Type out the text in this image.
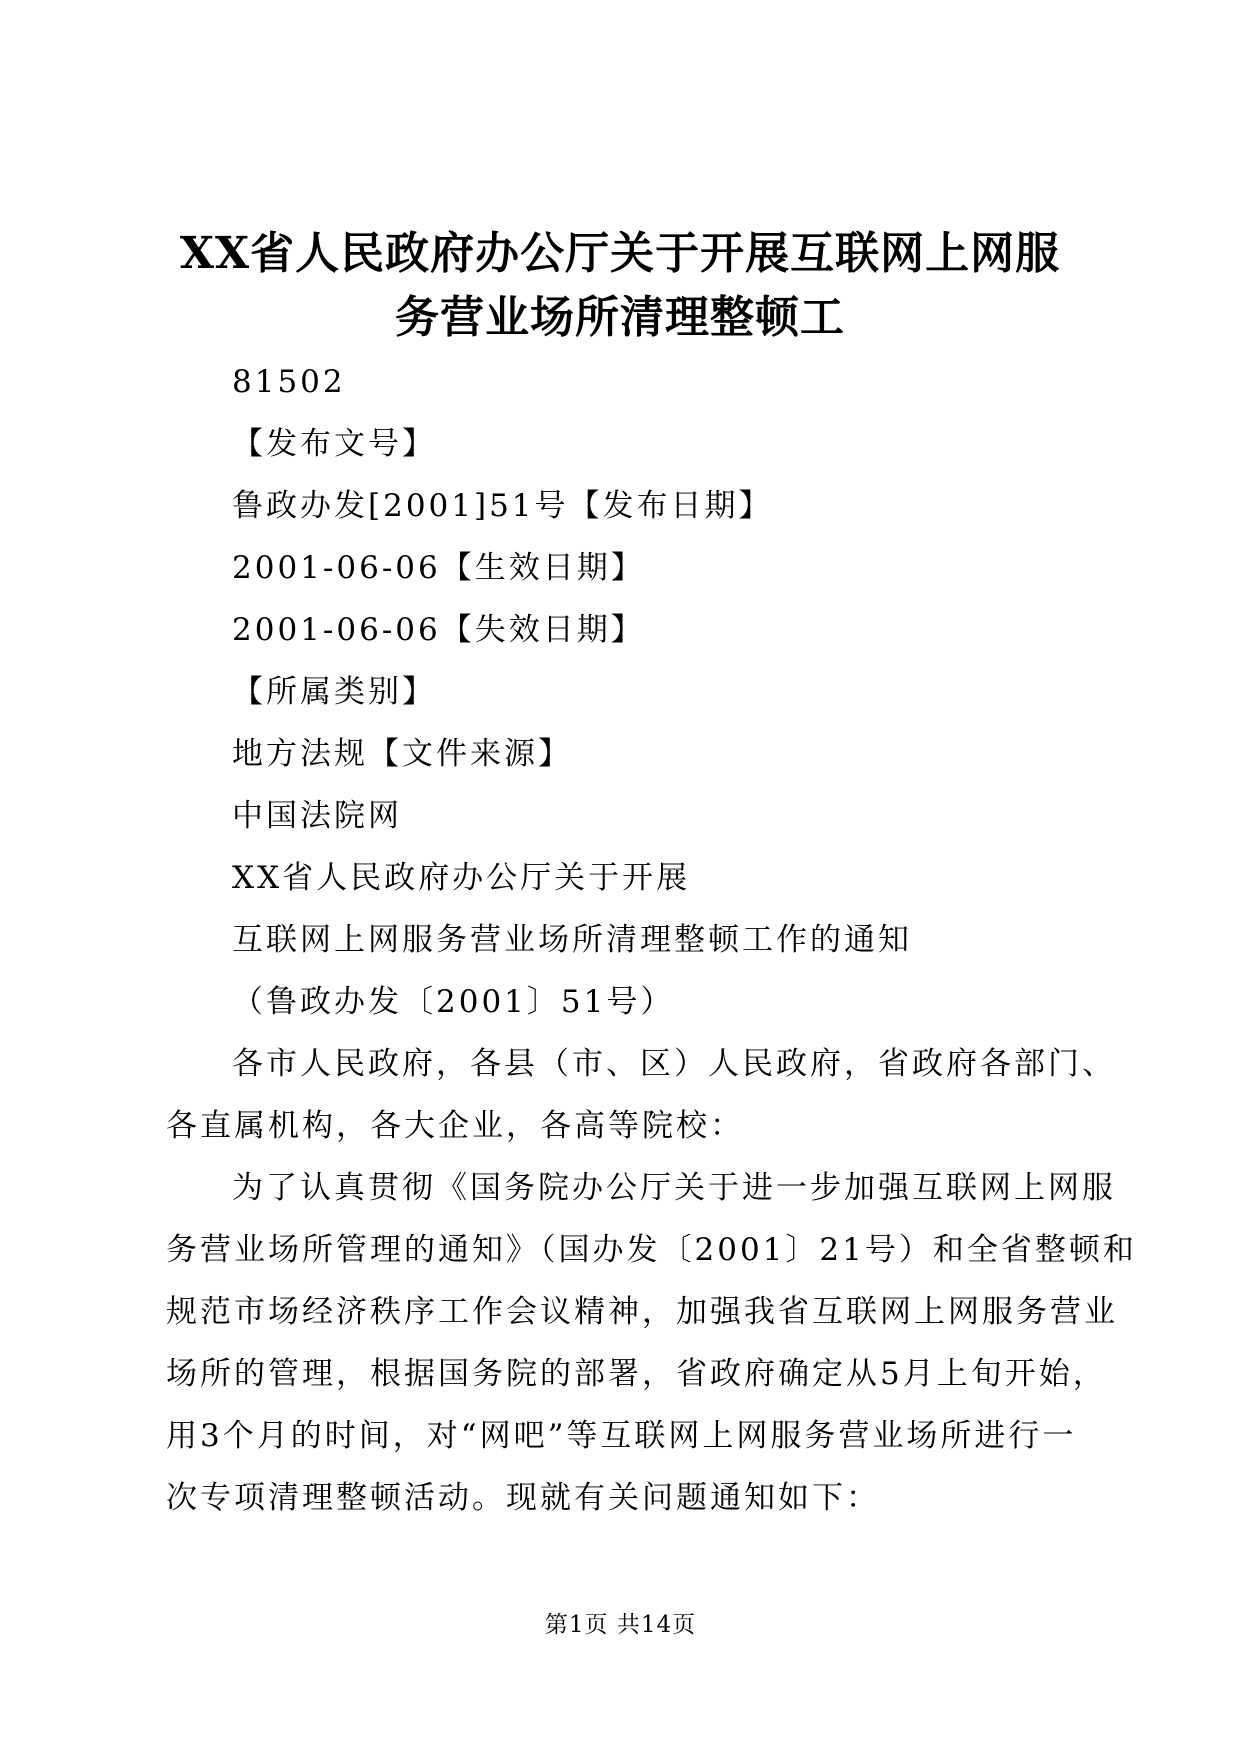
XX省人民政府办公厅关于开展互联网上网服
务营业场所清理整顿工

81502

【发布文号】

鲁政办发[2001]51号【发布日期】

2001-06-06【生效日期】

2001-06-06【失效日期】

【所属类别】

地方法规【文件来源】

中国法院网

XX省人民政府办公厅关于开展

互联网上网服务营业场所清理整顿工作的通知

（鲁政办发〔2001〕51号）

各市人民政府，各县（市、区）人民政府，省政府各部门、

各直属机构，各大企业，各高等院校：

为了认真贯彻《国务院办公厅关于进一步加强互联网上网服

务营业场所管理的通知》（国办发〔2001〕21号）和全省整顿和

规范市场经济秩序工作会议精神，加强我省互联网上网服务营业

场所的管理，根据国务院的部署，省政府确定从5月上旬开始，

用3个月的时间，对“网吧”等互联网上网服务营业场所进行一

次专项清理整顿活动。现就有关问题通知如下：

第1页 共14页
